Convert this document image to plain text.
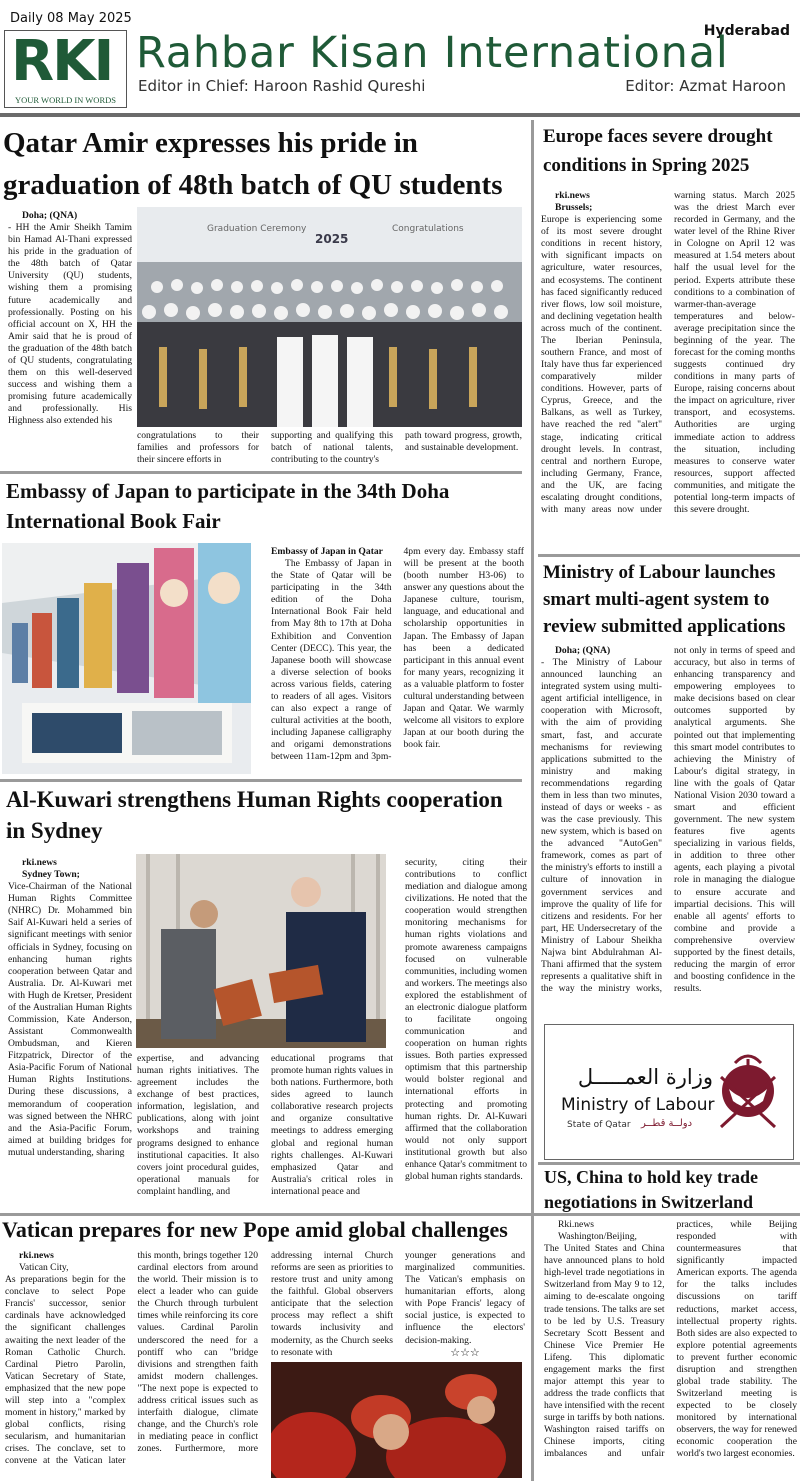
Daily 08 May 2025
Hyderabad
RKI
YOUR WORLD IN WORDS
Rahbar Kisan International
Editor in Chief: Haroon Rashid Qureshi	Editor: Azmat Haroon
Qatar Amir expresses his pride in graduation of 48th batch of QU students
Doha; (QNA)
- HH the Amir Sheikh Tamim bin Hamad Al-Thani expressed his pride in the graduation of the 48th batch of Qatar University (QU) students, wishing them a promising future academically and professionally. Posting on his official account on X, HH the Amir said that he is proud of the graduation of the 48th batch of QU students, congratulating them on this well-deserved success and wishing them a promising future academically and professionally. His Highness also extended his
Graduation Ceremony
2025
Congratulations
congratulations to their families and professors for their sincere efforts in
supporting and qualifying this batch of national talents, contributing to the country's
path toward progress, growth, and sustainable development.
Embassy of Japan to participate in the 34th Doha International Book Fair
Embassy of Japan in Qatar
The Embassy of Japan in the State of Qatar will be participating in the 34th edition of the Doha International Book Fair held from May 8th to 17th at Doha Exhibition and Convention Center (DECC). This year, the Japanese booth will showcase a diverse selection of books across various fields, catering to readers of all ages. Visitors can also expect a range of cultural activities at the booth, including Japanese calligraphy and origami demonstrations between 11am-12pm and 3pm-4pm every day. Embassy staff will be present at the booth (booth number H3-06) to answer any questions about the Japanese culture, tourism, language, and educational and scholarship opportunities in Japan. The Embassy of Japan has been a dedicated participant in this annual event for many years, recognizing it as a valuable platform to foster cultural understanding between Japan and Qatar. We warmly welcome all visitors to explore Japan at our booth during the book fair.
Al-Kuwari strengthens Human Rights cooperation in Sydney
rki.news
Sydney Town;
Vice-Chairman of the National Human Rights Committee (NHRC) Dr. Mohammed bin Saif Al-Kuwari held a series of significant meetings with senior officials in Sydney, focusing on enhancing human rights cooperation between Qatar and Australia. Dr. Al-Kuwari met with Hugh de Kretser, President of the Australian Human Rights Commission, Kate Anderson, Assistant Commonwealth Ombudsman, and Kieren Fitzpatrick, Director of the Asia-Pacific Forum of National Human Rights Institutions. During these discussions, a memorandum of cooperation was signed between the NHRC and the Asia-Pacific Forum, aimed at building bridges for mutual understanding, sharing
expertise, and advancing human rights initiatives. The agreement includes the exchange of best practices, information, legislation, and publications, along with joint workshops and training programs designed to enhance institutional capacities. It also covers joint procedural guides, operational manuals for complaint handling, and
educational programs that promote human rights values in both nations. Furthermore, both sides agreed to launch collaborative research projects and organize consultative meetings to address emerging global and regional human rights challenges. Al-Kuwari emphasized Qatar and Australia's critical roles in international peace and
security, citing their contributions to conflict mediation and dialogue among civilizations. He noted that the cooperation would strengthen monitoring mechanisms for human rights violations and promote awareness campaigns focused on vulnerable communities, including women and workers. The meetings also explored the establishment of an electronic dialogue platform to facilitate ongoing communication and cooperation on human rights issues. Both parties expressed optimism that this partnership would bolster regional and international efforts in protecting and promoting human rights. Dr. Al-Kuwari affirmed that the collaboration would not only support institutional growth but also enhance Qatar's commitment to global human rights standards.
Vatican prepares for new Pope amid global challenges
rki.news
Vatican City,
As preparations begin for the conclave to select Pope Francis' successor, senior cardinals have acknowledged the significant challenges awaiting the next leader of the Roman Catholic Church. Cardinal Pietro Parolin, Vatican Secretary of State, emphasized that the new pope will step into a "complex moment in history," marked by global conflicts, rising secularism, and humanitarian crises. The conclave, set to convene at the Vatican later this month, brings together 120 cardinal electors from around the world. Their mission is to elect a leader who can guide the Church through turbulent times while reinforcing its core values. Cardinal Parolin underscored the need for a pontiff who can "bridge divisions and strengthen faith amidst modern challenges. "The next pope is expected to address critical issues such as interfaith dialogue, climate change, and the Church's role in mediating peace in conflict zones. Furthermore, more
addressing internal Church reforms are seen as priorities to restore trust and unity among the faithful. Global observers anticipate that the selection process may reflect a shift towards inclusivity and modernity, as the Church seeks to resonate with
younger generations and marginalized communities. The Vatican's emphasis on humanitarian efforts, along with Pope Francis' legacy of social justice, is expected to influence the electors' decision-making.
☆☆☆
Europe faces severe drought conditions in Spring 2025
rki.news
Brussels;
Europe is experiencing some of its most severe drought conditions in recent history, with significant impacts on agriculture, water resources, and ecosystems. The continent has faced significantly reduced river flows, low soil moisture, and declining vegetation health across much of the continent. The Iberian Peninsula, southern France, and most of Italy have thus far experienced comparatively milder conditions. However, parts of Cyprus, Greece, and the Balkans, as well as Turkey, have reached the red "alert" stage, indicating critical drought levels. In contrast, central and northern Europe, including Germany, France, and the UK, are facing escalating drought conditions, with many areas now under warning status. March 2025 was the driest March ever recorded in Germany, and the water level of the Rhine River in Cologne on April 12 was measured at 1.54 meters about half the usual level for the period. Experts attribute these conditions to a combination of warmer-than-average temperatures and below-average precipitation since the beginning of the year. The forecast for the coming months suggests continued dry conditions in many parts of Europe, raising concerns about the impact on agriculture, river transport, and ecosystems. Authorities are urging immediate action to address the situation, including measures to conserve water resources, support affected communities, and mitigate the potential long-term impacts of this severe drought.
Ministry of Labour launches smart multi-agent system to review submitted applications
Doha; (QNA)
- The Ministry of Labour announced launching an integrated system using multi-agent artificial intelligence, in cooperation with Microsoft, with the aim of providing smart, fast, and accurate mechanisms for reviewing applications submitted to the ministry and making recommendations regarding them in less than two minutes, instead of days or weeks - as was the case previously. This new system, which is based on the advanced "AutoGen" framework, comes as part of the ministry's efforts to instill a culture of innovation in government services and improve the quality of life for citizens and residents. For her part, HE Undersecretary of the Ministry of Labour Sheikha Najwa bint Abdulrahman Al-Thani affirmed that the system represents a qualitative shift in the way the ministry works, not only in terms of speed and accuracy, but also in terms of enhancing transparency and empowering employees to make decisions based on clear outcomes supported by analytical arguments. She pointed out that implementing this smart model contributes to achieving the Ministry of Labour's digital strategy, in line with the goals of Qatar National Vision 2030 toward a smart and efficient government. The new system features five agents specializing in various fields, in addition to three other agents, each playing a pivotal role in managing the dialogue to ensure accurate and impartial decisions. This will enable all agents' efforts to combine and provide a comprehensive overview supported by the finest details, reducing the margin of error and boosting confidence in the results.
وزارة العمـــــل
Ministry of Labour
State of Qatar دولــة قطــر
US, China to hold key trade negotiations in Switzerland
Rki.news
Washington/Beijing,
The United States and China have announced plans to hold high-level trade negotiations in Switzerland from May 9 to 12, aiming to de-escalate ongoing trade tensions. The talks are set to be led by U.S. Treasury Secretary Scott Bessent and Chinese Vice Premier He Lifeng. This diplomatic engagement marks the first major attempt this year to address the trade conflicts that have intensified with the recent surge in tariffs by both nations. Washington raised tariffs on Chinese imports, citing imbalances and unfair practices, while Beijing responded with countermeasures that significantly impacted American exports. The agenda for the talks includes discussions on tariff reductions, market access, intellectual property rights. Both sides are also expected to explore potential agreements to prevent further economic disruption and strengthen global trade stability. The Switzerland meeting is expected to be closely monitored by international observers, the way for renewed economic cooperation the world's two largest economies.
